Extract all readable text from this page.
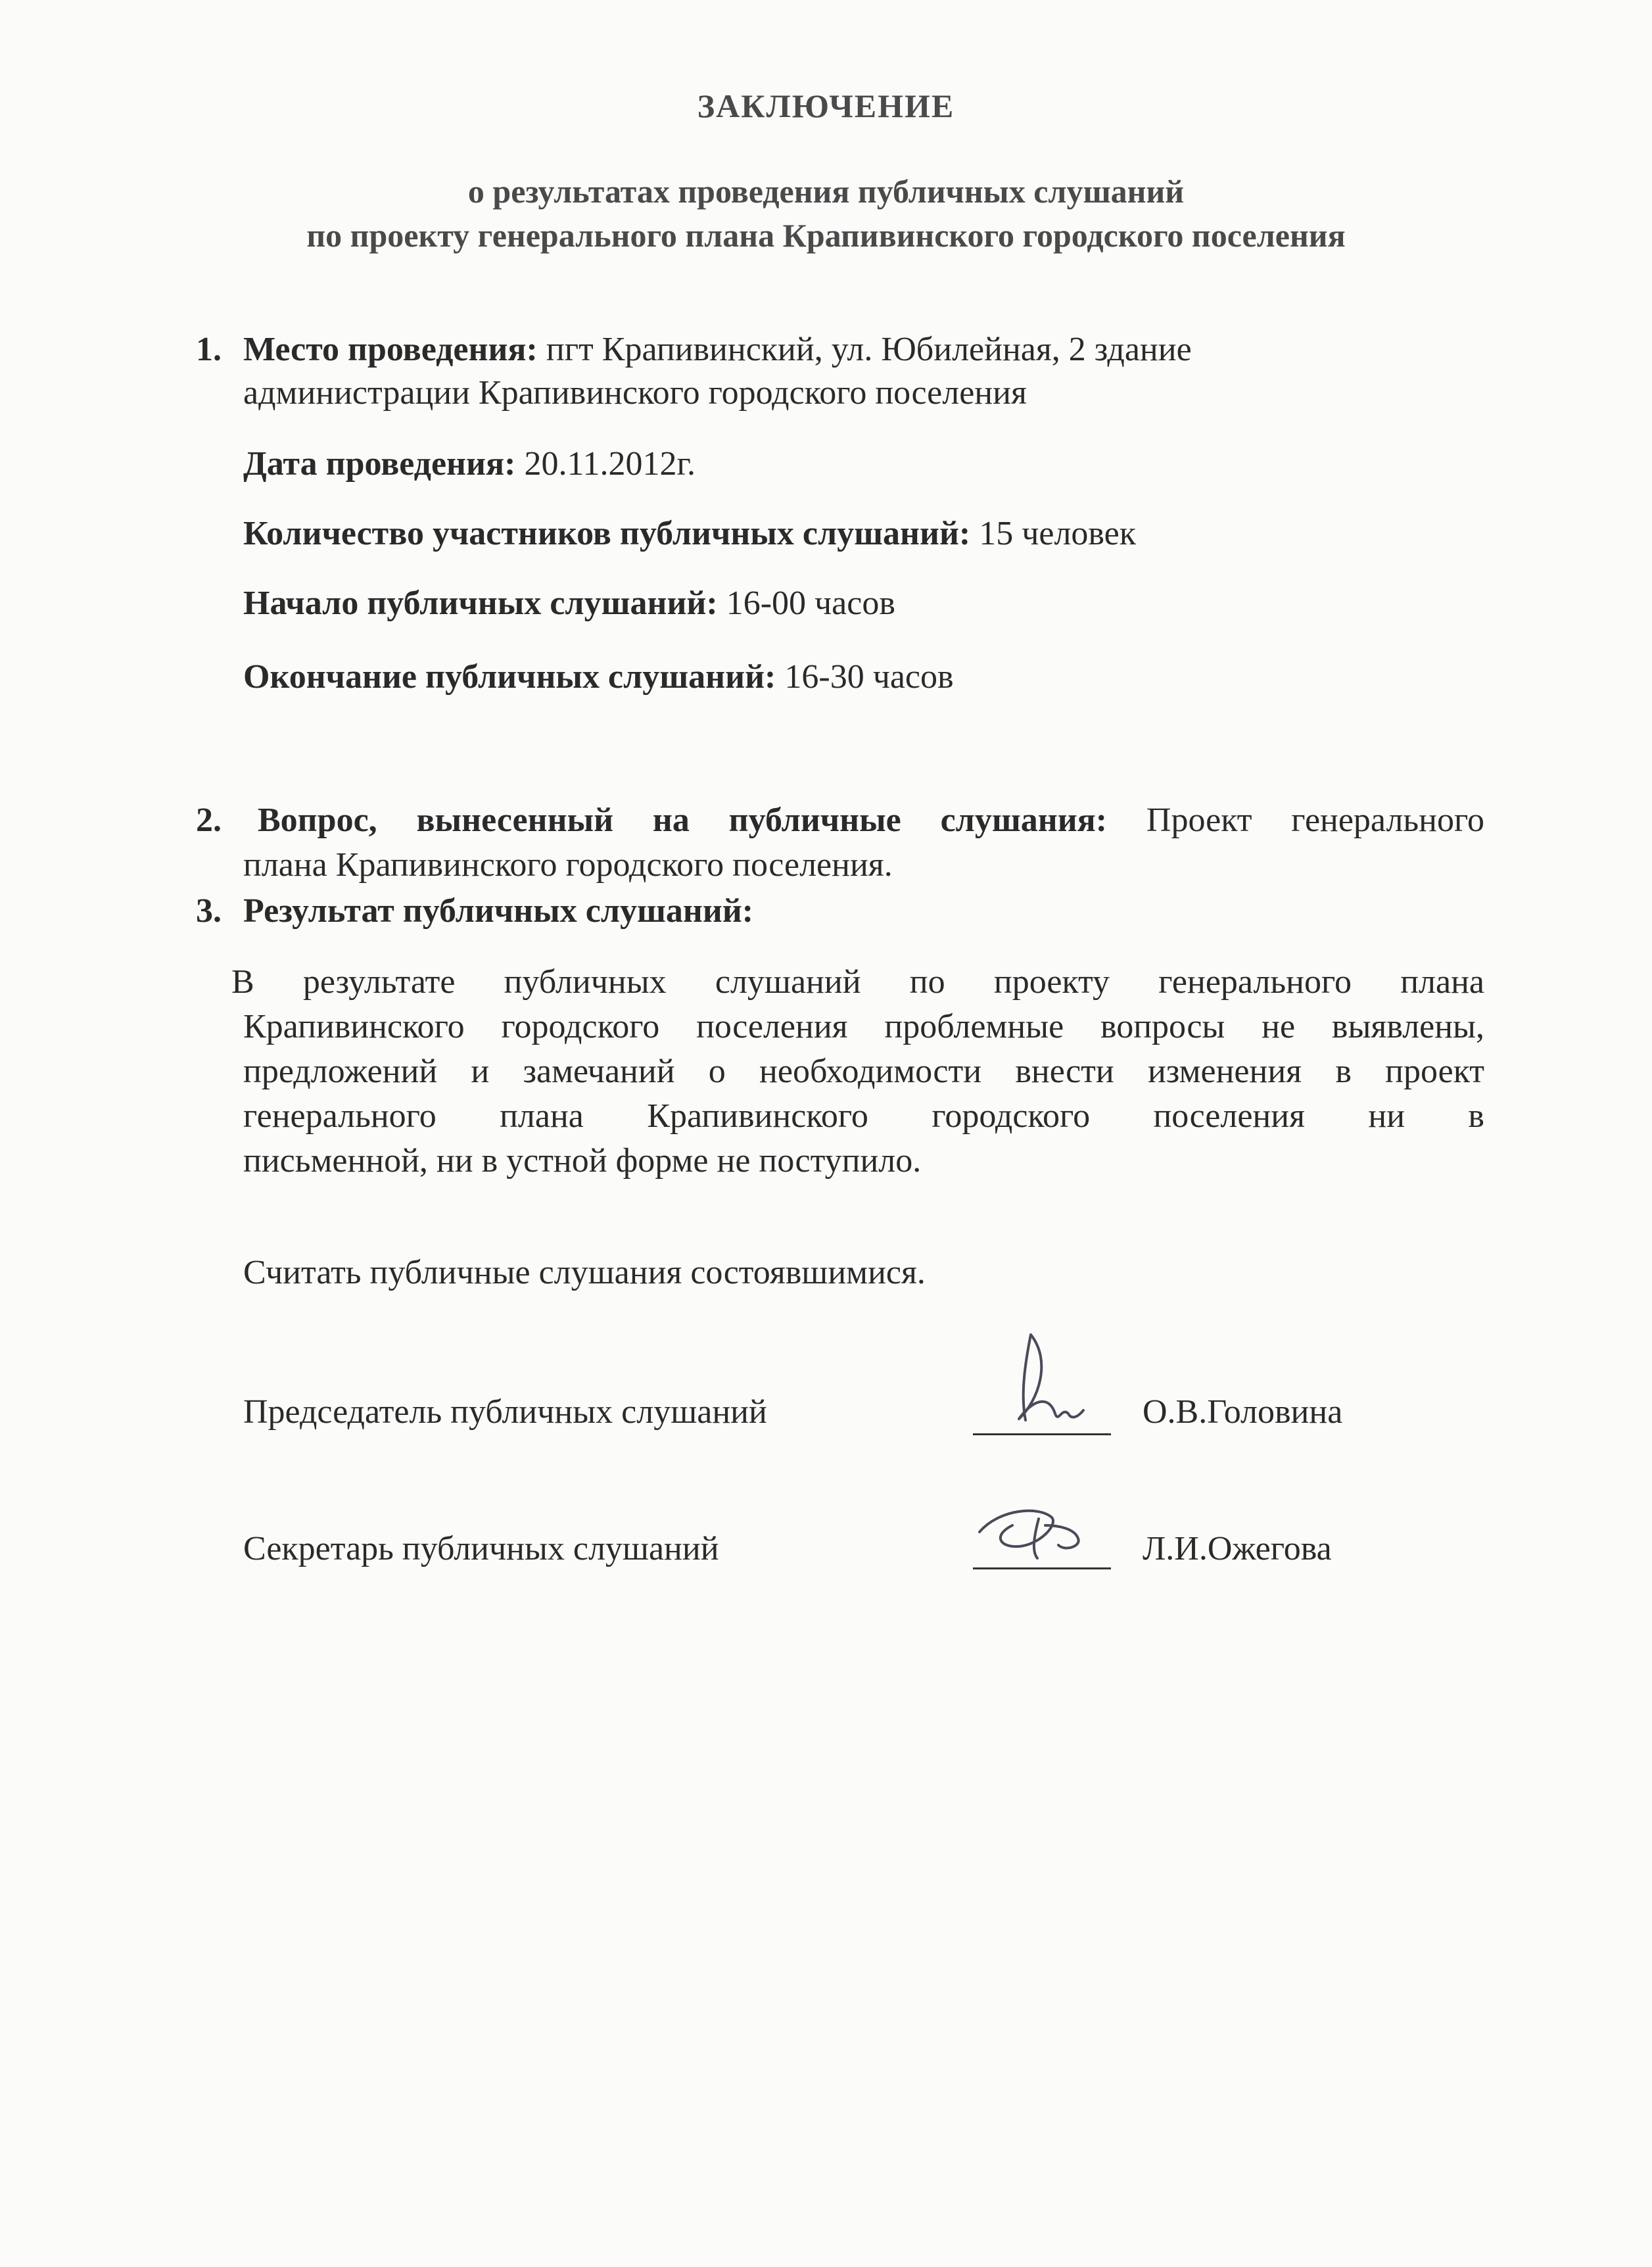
ЗАКЛЮЧЕНИЕ
о результатах проведения публичных слушаний
по проекту генерального плана Крапивинского городского поселения
1. Место проведения: пгт Крапивинский, ул. Юбилейная, 2 здание
администрации Крапивинского городского поселения
Дата проведения: 20.11.2012г.
Количество участников публичных слушаний: 15 человек
Начало публичных слушаний: 16-00 часов
Окончание публичных слушаний: 16-30 часов
2. Вопрос, вынесенный на публичные слушания: Проект генерального
плана Крапивинского городского поселения.
3. Результат публичных слушаний:
В результате публичных слушаний по проекту генерального плана
Крапивинского городского поселения проблемные вопросы не выявлены,
предложений и замечаний о необходимости внести изменения в проект
генерального плана Крапивинского городского поселения ни в
письменной, ни в устной форме не поступило.
Считать публичные слушания состоявшимися.
Председатель публичных слушаний	О.В.Головина
Секретарь публичных слушаний	Л.И.Ожегова
